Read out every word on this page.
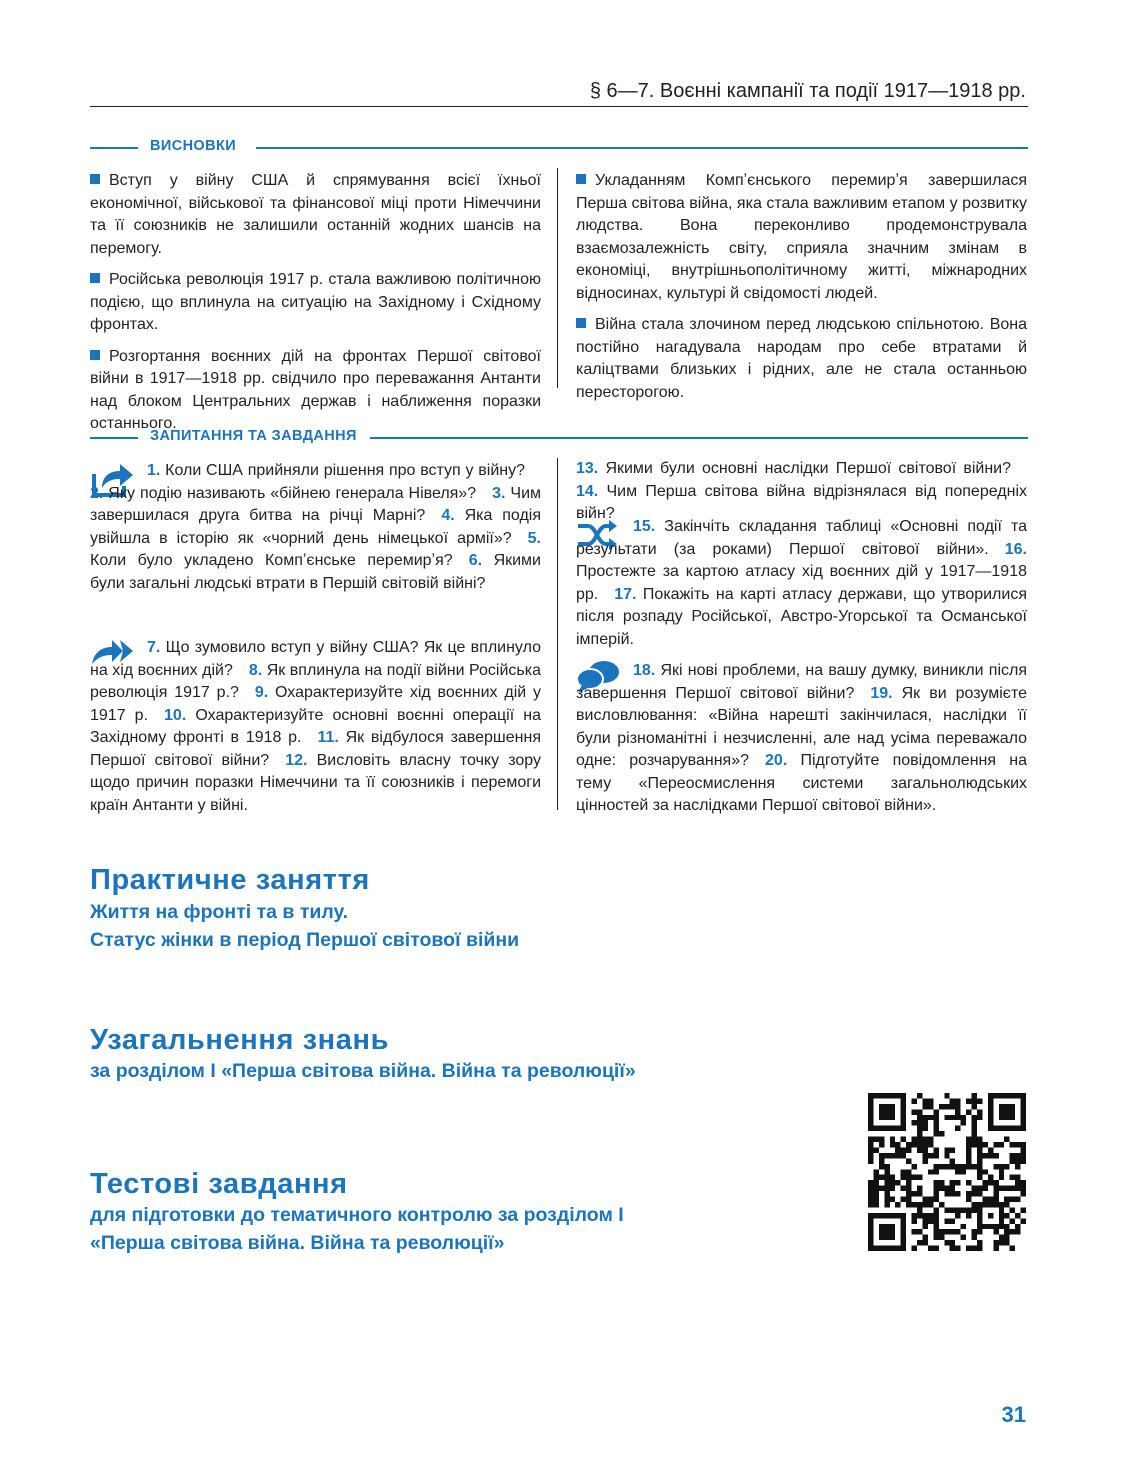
§ 6—7. Воєнні кампанії та події 1917—1918 рр.
ВИСНОВКИ

Вступ у війну США й спрямування всієї їхньої економічної, військової та фінансової міці проти Німеччини та її союзників не залишили останній жодних шансів на перемогу.

Російська революція 1917 р. стала важливою політичною подією, що вплинула на ситуацію на Західному і Східному фронтах.

Розгортання воєнних дій на фронтах Першої світової війни в 1917—1918 рр. свідчило про переважання Антанти над блоком Центральних держав і наближення поразки останнього.

Укладанням Компʼєнського перемирʼя завершилася Перша світова війна, яка стала важливим етапом у розвитку людства. Вона переконливо продемонструвала взаємозалежність світу, сприяла значним змінам в економіці, внутрішньополітичному житті, міжнародних відносинах, культурі й свідомості людей.

Війна стала злочином перед людською спільнотою. Вона постійно нагадувала народам про себе втратами й каліцтвами близьких і рідних, але не стала останньою пересторогою.

ЗАПИТАННЯ ТА ЗАВДАННЯ

1. Коли США прийняли рішення про вступ у війну? 2. Яку подію називають «бійнею генерала Нівеля»?  3. Чим завершилася друга битва на річці Марні?  4. Яка подія увійшла в історію як «чорний день німецької армії»?  5. Коли було укладено Компʼєнське перемирʼя?  6. Якими були загальні людські втрати в Першій світовій війні? 

7. Що зумовило вступ у війну США? Як це вплинуло на хід воєнних дій?  8. Як вплинула на події війни Російська революція 1917 р.?  9. Охарактеризуйте хід воєнних дій у 1917 р.  10. Охарактеризуйте основні воєнні операції на Західному фронті в 1918 р.  11. Як відбулося завершення Першої світової війни?  12. Висловіть власну точку зору щодо причин поразки Німеччини та її союзників і перемоги країн Антанти у війні. 

13. Якими були основні наслідки Першої світової війни? 14. Чим Перша світова війна відрізнялася від попередніх війн? 

15. Закінчіть складання таблиці «Основні події та результати (за роками) Першої світової війни».  16. Простежте за картою атласу хід воєнних дій у 1917—1918 рр.  17. Покажіть на карті атласу держави, що утворилися після розпаду Російської, Австро-Угорської та Османської імперій. 

18. Які нові проблеми, на вашу думку, виникли після завершення Першої світової війни?  19. Як ви розумієте висловлювання: «Війна нарешті закінчилася, наслідки її були різноманітні і незчисленні, але над усіма переважало одне: розчарування»?  20. Підготуйте повідомлення на тему «Переосмислення системи загальнолюдських цінностей за наслідками Першої світової війни». 

Практичне заняття
Життя на фронті та в тилу.
Статус жінки в період Першої світової війни
Узагальнення знань
за розділом І «Перша світова війна. Війна та революції»
Тестові завдання
для підготовки до тематичного контролю за розділом І
«Перша світова війна. Війна та революції»
31
